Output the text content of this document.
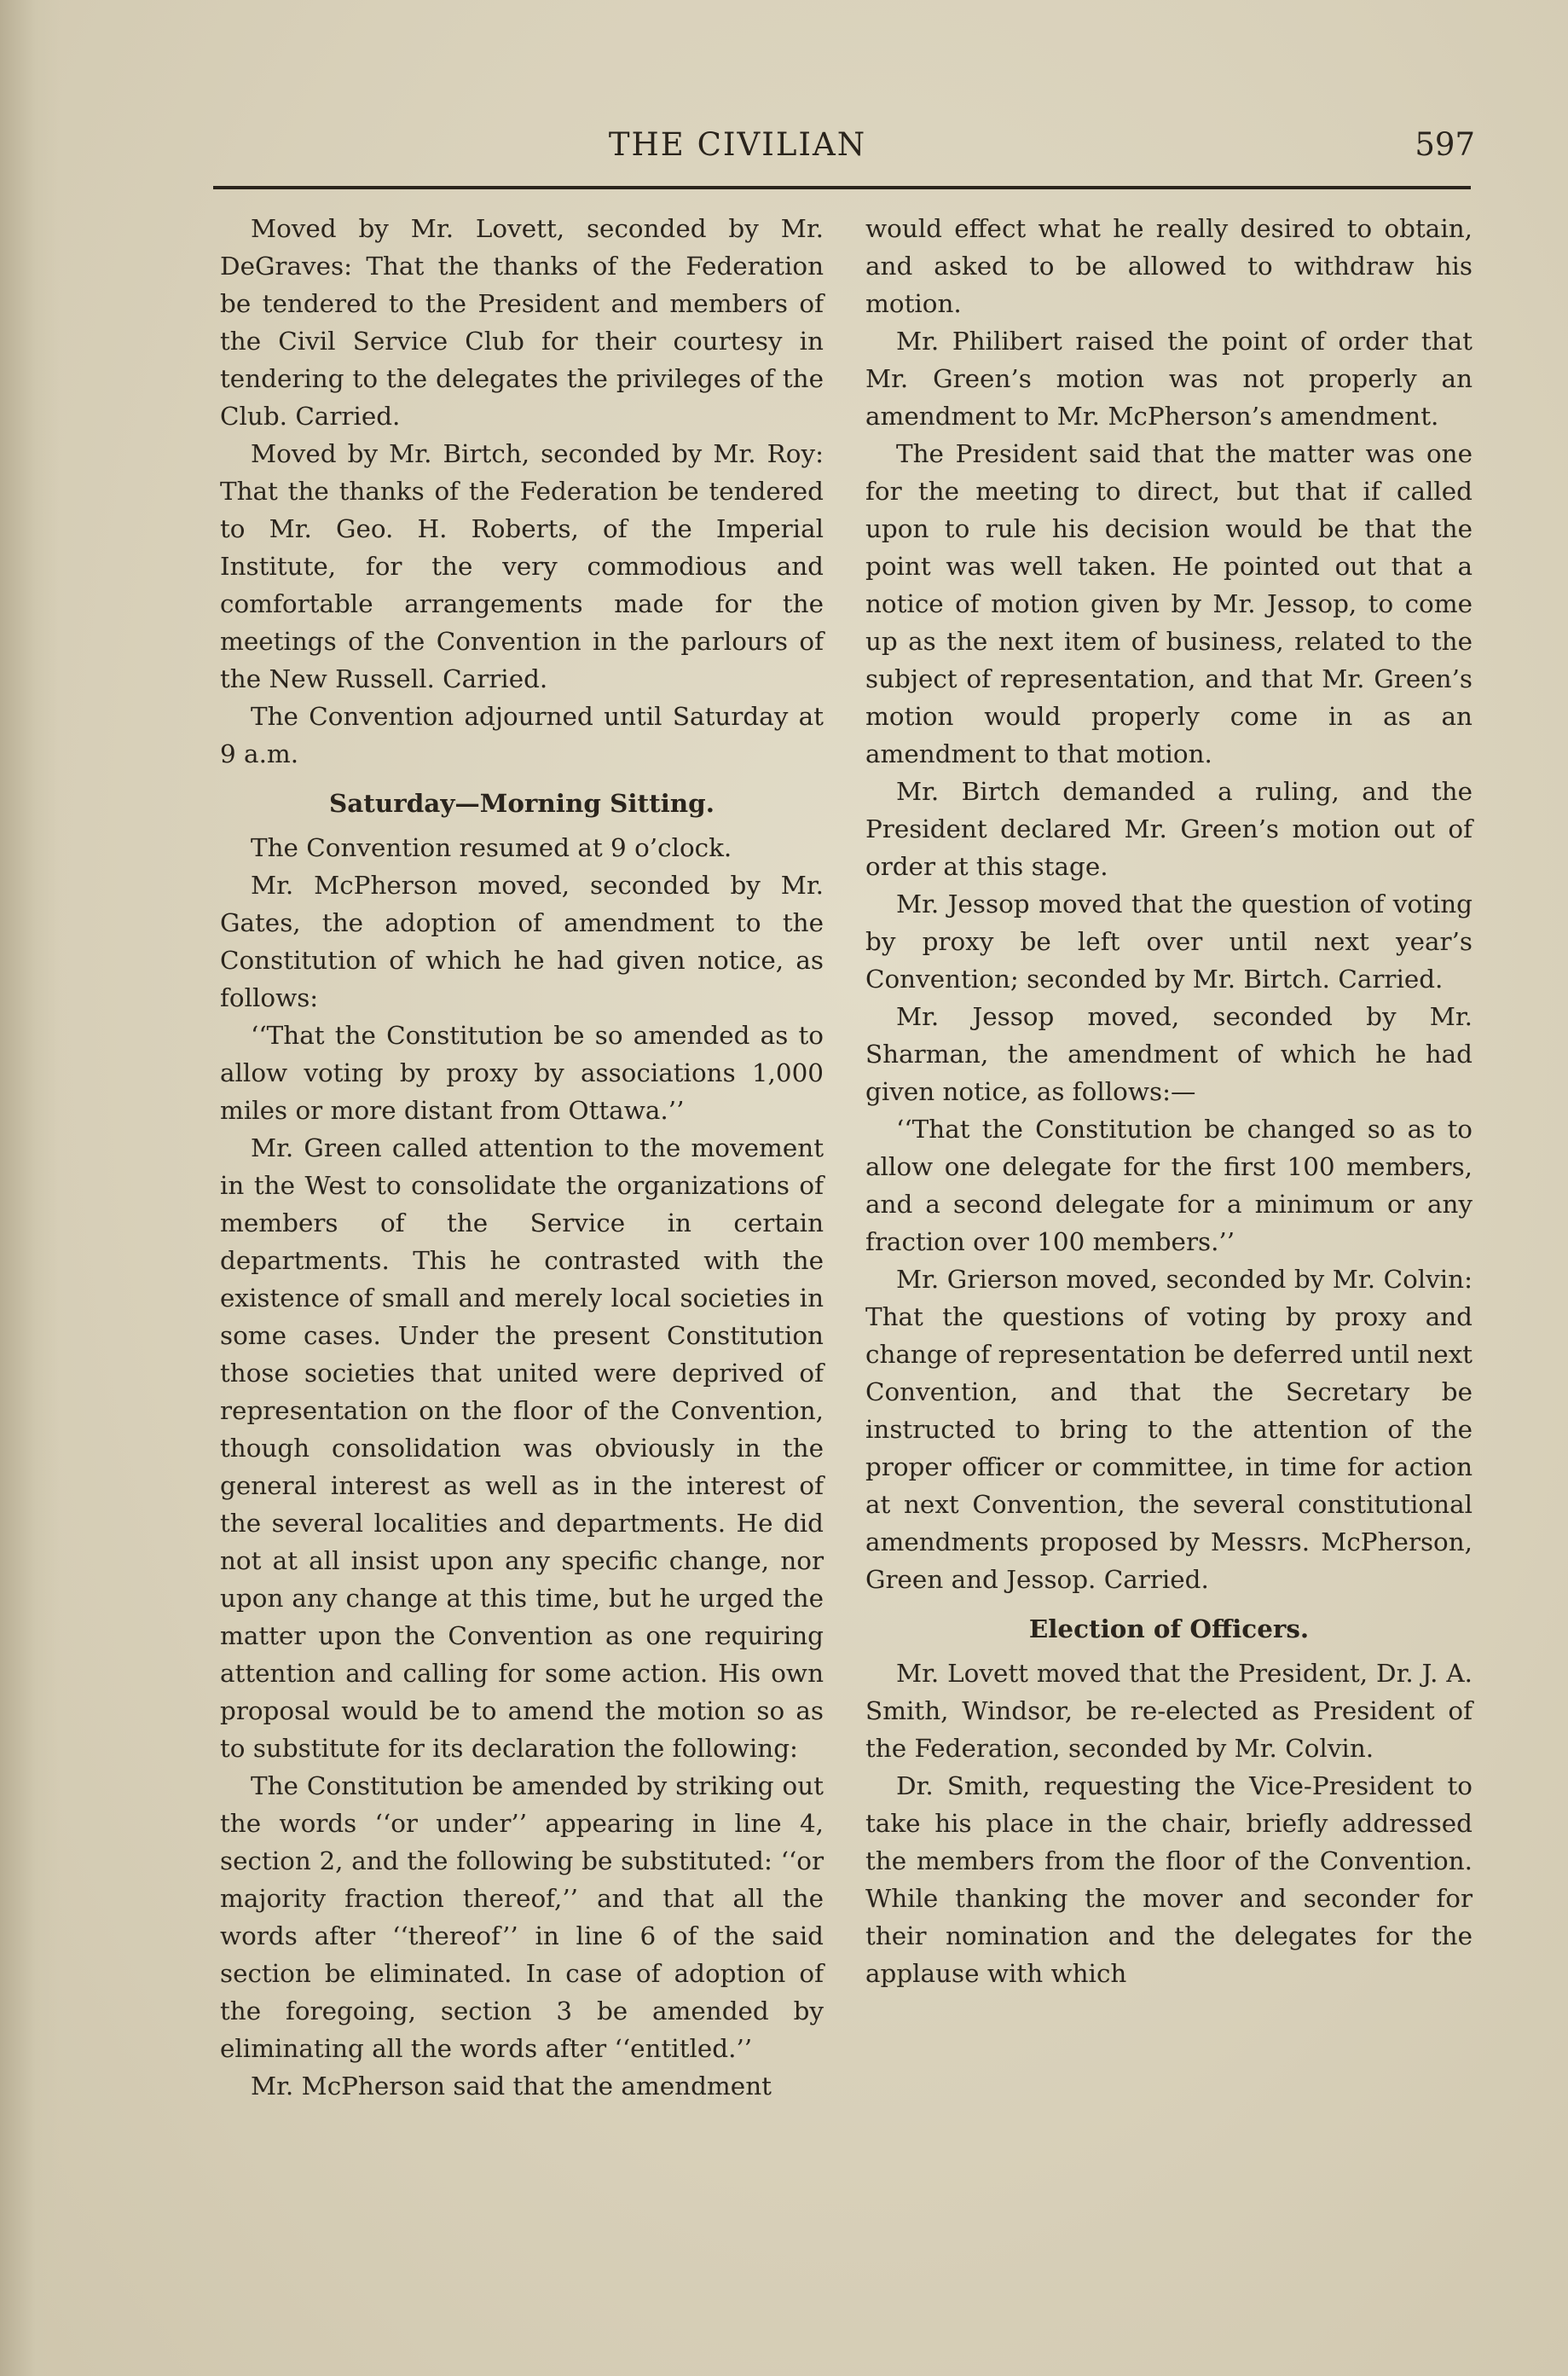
THE CIVILIAN	597

Moved by Mr. Lovett, seconded by Mr. DeGraves: That the thanks of the Federation be tendered to the President and members of the Civil Service Club for their courtesy in tendering to the delegates the privileges of the Club. Carried.

Moved by Mr. Birtch, seconded by Mr. Roy: That the thanks of the Federation be tendered to Mr. Geo. H. Roberts, of the Imperial Institute, for the very commodious and comfortable arrangements made for the meetings of the Convention in the parlours of the New Russell. Carried.

The Convention adjourned until Saturday at 9 a.m.

Saturday—Morning Sitting.

The Convention resumed at 9 o’clock.

Mr. McPherson moved, seconded by Mr. Gates, the adoption of amendment to the Constitution of which he had given notice, as follows:

‘‘That the Constitution be so amended as to allow voting by proxy by associations 1,000 miles or more distant from Ottawa.’’

Mr. Green called attention to the movement in the West to consolidate the organizations of members of the Service in certain departments. This he contrasted with the existence of small and merely local societies in some cases. Under the present Constitution those societies that united were deprived of representation on the floor of the Convention, though consolidation was obviously in the general interest as well as in the interest of the several localities and departments. He did not at all insist upon any specific change, nor upon any change at this time, but he urged the matter upon the Convention as one requiring attention and calling for some action. His own proposal would be to amend the motion so as to substitute for its declaration the following:

The Constitution be amended by striking out the words ‘‘or under’’ appearing in line 4, section 2, and the following be substituted: ‘‘or majority fraction thereof,’’ and that all the words after ‘‘thereof’’ in line 6 of the said section be eliminated. In case of adoption of the foregoing, section 3 be amended by eliminating all the words after ‘‘entitled.’’

Mr. McPherson said that the amendment

would effect what he really desired to obtain, and asked to be allowed to withdraw his motion.

Mr. Philibert raised the point of order that Mr. Green’s motion was not properly an amendment to Mr. McPherson’s amendment.

The President said that the matter was one for the meeting to direct, but that if called upon to rule his decision would be that the point was well taken. He pointed out that a notice of motion given by Mr. Jessop, to come up as the next item of business, related to the subject of representation, and that Mr. Green’s motion would properly come in as an amendment to that motion.

Mr. Birtch demanded a ruling, and the President declared Mr. Green’s motion out of order at this stage.

Mr. Jessop moved that the question of voting by proxy be left over until next year’s Convention; seconded by Mr. Birtch. Carried.

Mr. Jessop moved, seconded by Mr. Sharman, the amendment of which he had given notice, as follows:—

‘‘That the Constitution be changed so as to allow one delegate for the first 100 members, and a second delegate for a minimum or any fraction over 100 members.’’

Mr. Grierson moved, seconded by Mr. Colvin: That the questions of voting by proxy and change of representation be deferred until next Convention, and that the Secretary be instructed to bring to the attention of the proper officer or committee, in time for action at next Convention, the several constitutional amendments proposed by Messrs. McPherson, Green and Jessop. Carried.

Election of Officers.

Mr. Lovett moved that the President, Dr. J. A. Smith, Windsor, be re-elected as President of the Federation, seconded by Mr. Colvin.

Dr. Smith, requesting the Vice-President to take his place in the chair, briefly addressed the members from the floor of the Convention. While thanking the mover and seconder for their nomination and the delegates for the applause with which
